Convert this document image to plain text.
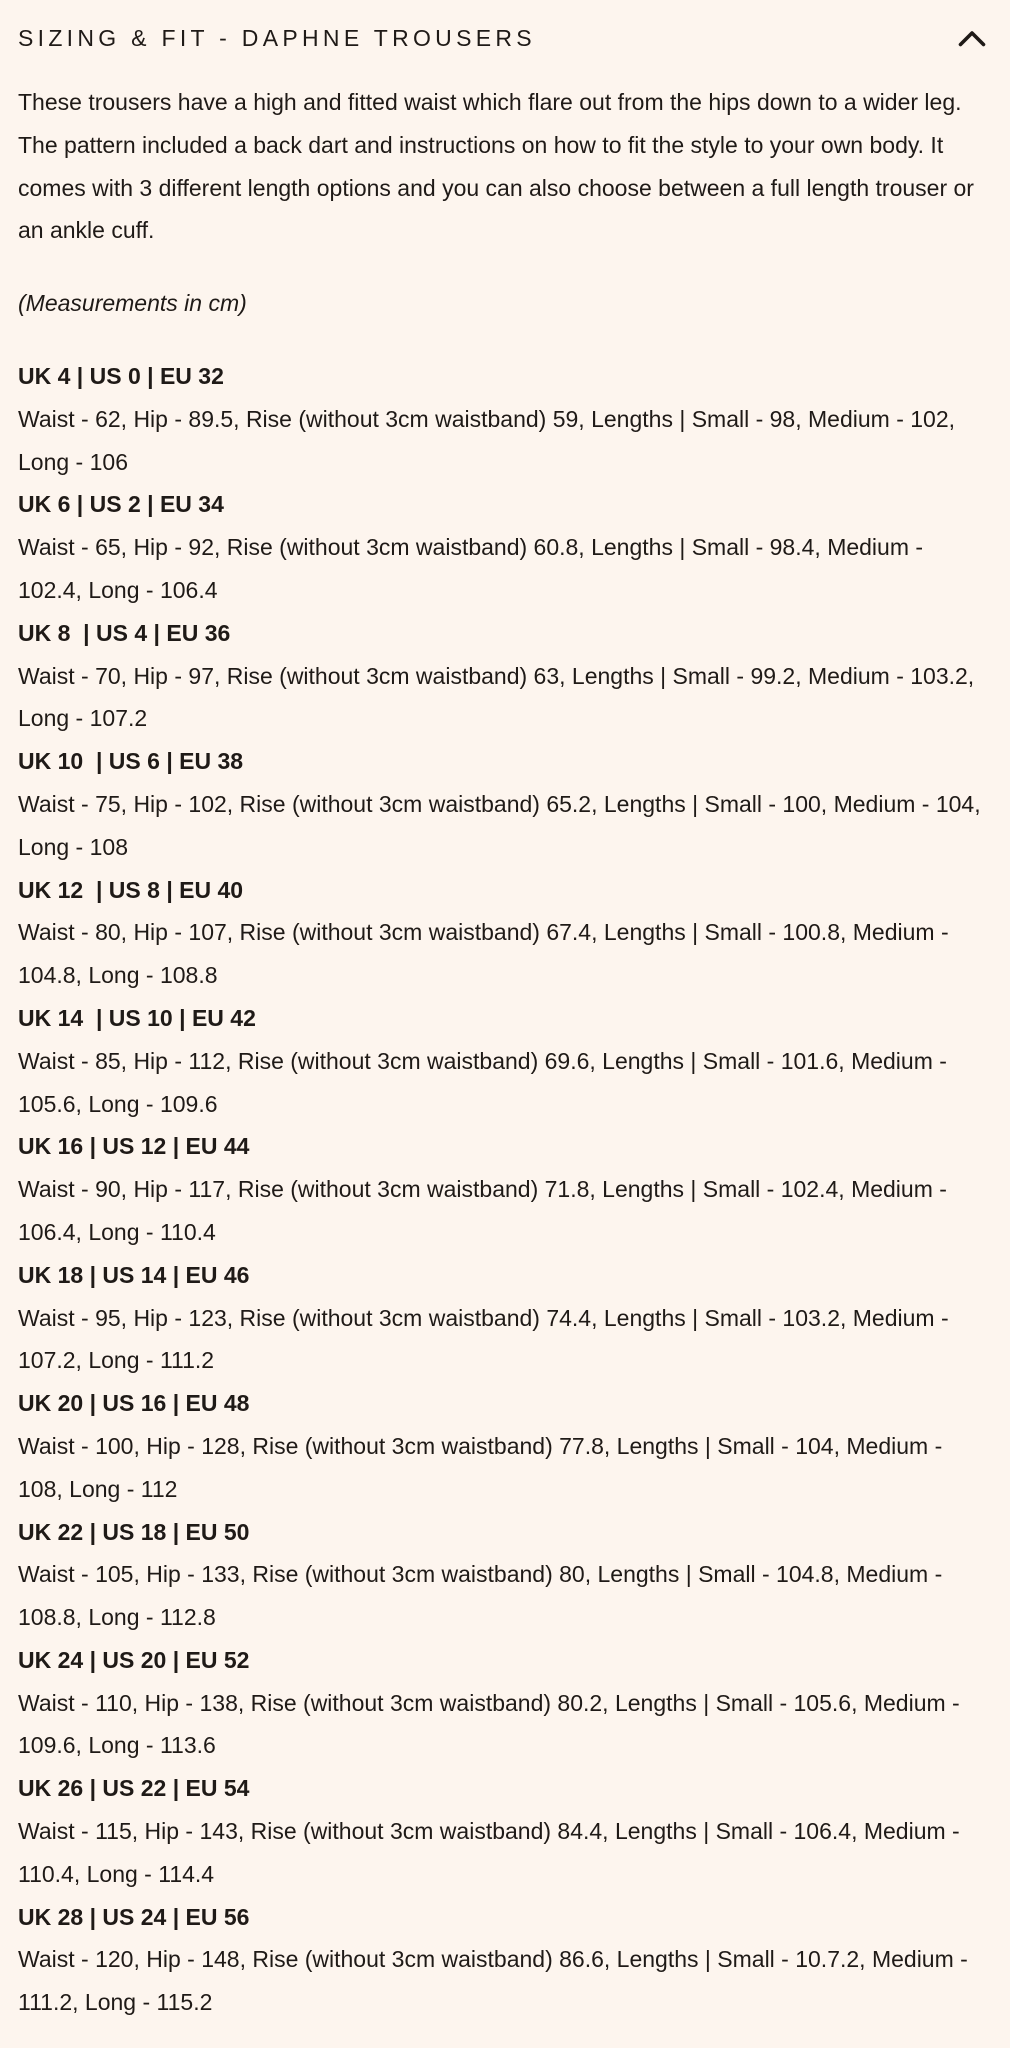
SIZING & FIT - DAPHNE TROUSERS

These trousers have a high and fitted waist which flare out from the hips down to a wider leg. The pattern included a back dart and instructions on how to fit the style to your own body. It comes with 3 different length options and you can also choose between a full length trouser or an ankle cuff.

(Measurements in cm)

UK 4 | US 0 | EU 32

Waist - 62, Hip - 89.5, Rise (without 3cm waistband) 59, Lengths | Small - 98, Medium - 102, Long - 106

UK 6 | US 2 | EU 34

Waist - 65, Hip - 92, Rise (without 3cm waistband) 60.8, Lengths | Small - 98.4, Medium - 102.4, Long - 106.4

UK 8  | US 4 | EU 36

Waist - 70, Hip - 97, Rise (without 3cm waistband) 63, Lengths | Small - 99.2, Medium - 103.2, Long - 107.2

UK 10  | US 6 | EU 38

Waist - 75, Hip - 102, Rise (without 3cm waistband) 65.2, Lengths | Small - 100, Medium - 104, Long - 108

UK 12  | US 8 | EU 40

Waist - 80, Hip - 107, Rise (without 3cm waistband) 67.4, Lengths | Small - 100.8, Medium - 104.8, Long - 108.8

UK 14  | US 10 | EU 42

Waist - 85, Hip - 112, Rise (without 3cm waistband) 69.6, Lengths | Small - 101.6, Medium - 105.6, Long - 109.6

UK 16 | US 12 | EU 44

Waist - 90, Hip - 117, Rise (without 3cm waistband) 71.8, Lengths | Small - 102.4, Medium - 106.4, Long - 110.4

UK 18 | US 14 | EU 46

Waist - 95, Hip - 123, Rise (without 3cm waistband) 74.4, Lengths | Small - 103.2, Medium - 107.2, Long - 111.2

UK 20 | US 16 | EU 48

Waist - 100, Hip - 128, Rise (without 3cm waistband) 77.8, Lengths | Small - 104, Medium - 108, Long - 112

UK 22 | US 18 | EU 50

Waist - 105, Hip - 133, Rise (without 3cm waistband) 80, Lengths | Small - 104.8, Medium - 108.8, Long - 112.8

UK 24 | US 20 | EU 52

Waist - 110, Hip - 138, Rise (without 3cm waistband) 80.2, Lengths | Small - 105.6, Medium - 109.6, Long - 113.6

UK 26 | US 22 | EU 54

Waist - 115, Hip - 143, Rise (without 3cm waistband) 84.4, Lengths | Small - 106.4, Medium - 110.4, Long - 114.4

UK 28 | US 24 | EU 56

Waist - 120, Hip - 148, Rise (without 3cm waistband) 86.6, Lengths | Small - 10.7.2, Medium - 111.2, Long - 115.2
